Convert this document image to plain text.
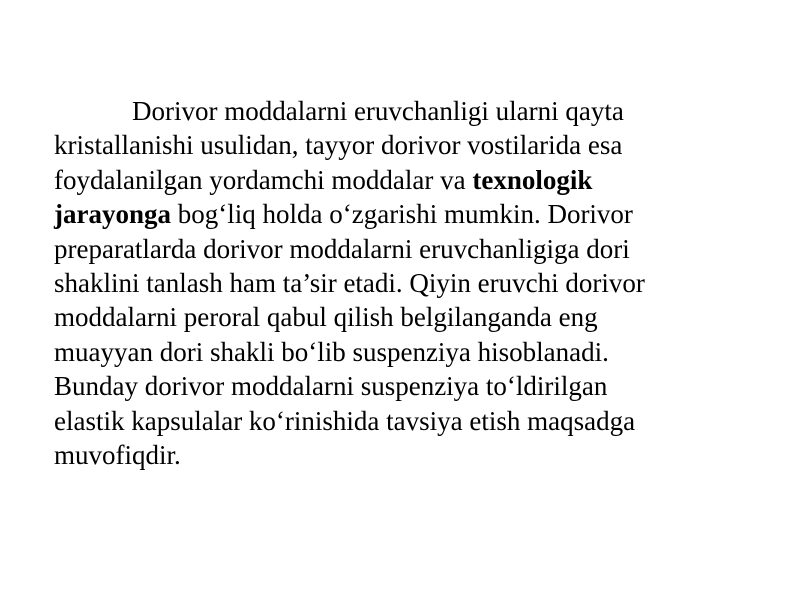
Dorivor moddalarni eruvchanligi ularni qayta
kristallanishi usulidan, tayyor dorivor vostilarida esa
foydalanilgan yordamchi moddalar va texnologik
jarayonga bog‘liq holda o‘zgarishi mumkin. Dorivor
preparatlarda dorivor moddalarni eruvchanligiga dori
shaklini tanlash ham ta’sir etadi. Qiyin eruvchi dorivor
moddalarni peroral qabul qilish belgilanganda eng
muayyan dori shakli bo‘lib suspenziya hisoblanadi.
Bunday dorivor moddalarni suspenziya to‘ldirilgan
elastik kapsulalar ko‘rinishida tavsiya etish maqsadga
muvofiqdir.
